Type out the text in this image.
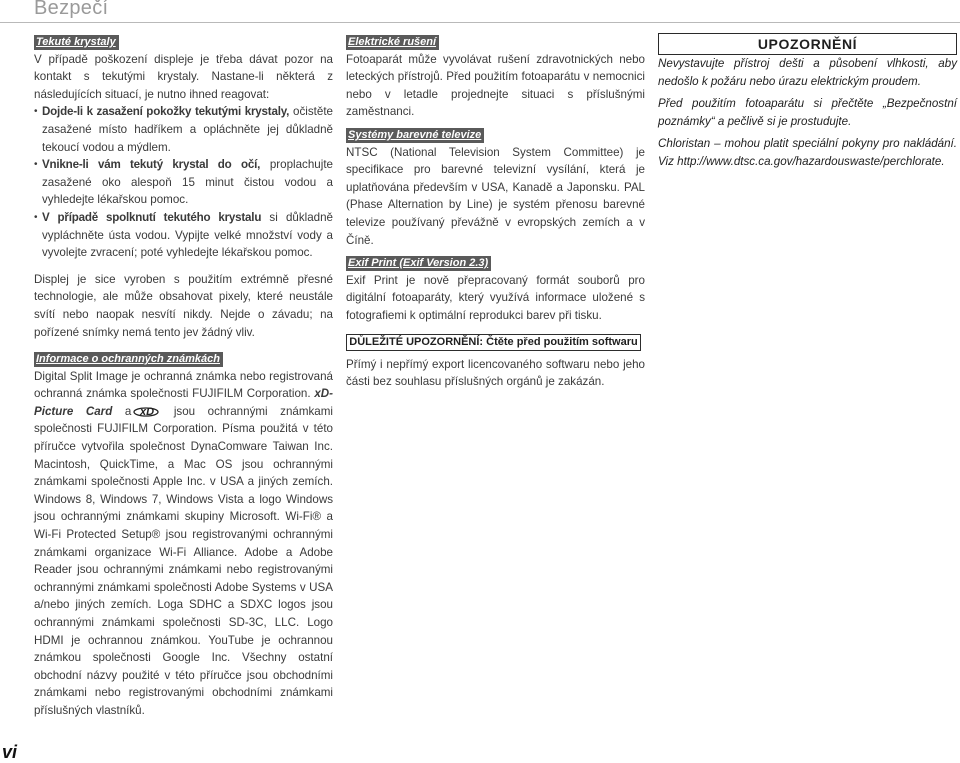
Bezpečí
Tekuté krystaly

V případě poškození displeje je třeba dávat pozor na kontakt s tekutými krystaly. Nastane-li některá z následujících situací, je nutno ihned reagovat:

• Dojde-li k zasažení pokožky tekutými krystaly, očistěte zasažené místo hadříkem a opláchněte jej důkladně tekoucí vodou a mýdlem.
• Vnikne-li vám tekutý krystal do očí, proplachujte zasažené oko alespoň 15 minut čistou vodou a vyhledejte lékařskou pomoc.
• V případě spolknutí tekutého krystalu si důkladně vypláchněte ústa vodou. Vypijte velké množství vody a vyvolejte zvracení; poté vyhledejte lékařskou pomoc.

Displej je sice vyroben s použitím extrémně přesné technologie, ale může obsahovat pixely, které neustále svítí nebo naopak nesvítí nikdy. Nejde o závadu; na pořízené snímky nemá tento jev žádný vliv.

Informace o ochranných známkách

Digital Split Image je ochranná známka nebo registrovaná ochranná známka společnosti FUJIFILM Corporation. xD-Picture Card a xD jsou ochrannými známkami společnosti FUJIFILM Corporation. Písma použitá v této příručce vytvořila společnost DynaComware Taiwan Inc. Macintosh, QuickTime, a Mac OS jsou ochrannými známkami společnosti Apple Inc. v USA a jiných zemích. Windows 8, Windows 7, Windows Vista a logo Windows jsou ochrannými známkami skupiny Microsoft. Wi-Fi® a Wi-Fi Protected Setup® jsou registrovanými ochrannými známkami organizace Wi-Fi Alliance. Adobe a Adobe Reader jsou ochrannými známkami nebo registrovanými ochrannými známkami společnosti Adobe Systems v USA a/nebo jiných zemích. Loga SDHC a SDXC logos jsou ochrannými známkami společnosti SD-3C, LLC. Logo HDMI je ochrannou známkou. YouTube je ochrannou známkou společnosti Google Inc. Všechny ostatní obchodní názvy použité v této příručce jsou obchodními známkami nebo registrovanými obchodními známkami příslušných vlastníků.

Elektrické rušení

Fotoaparát může vyvolávat rušení zdravotnických nebo leteckých přístrojů. Před použitím fotoaparátu v nemocnici nebo v letadle projednejte situaci s příslušnými zaměstnanci.

Systémy barevné televize

NTSC (National Television System Committee) je specifikace pro barevné televizní vysílání, která je uplatňována především v USA, Kanadě a Japonsku. PAL (Phase Alternation by Line) je systém přenosu barevné televize používaný převážně v evropských zemích a v Číně.

Exif Print (Exif Version 2.3)

Exif Print je nově přepracovaný formát souborů pro digitální fotoaparáty, který využívá informace uložené s fotografiemi k optimální reprodukci barev při tisku.

DŮLEŽITÉ UPOZORNĚNÍ: Čtěte před použitím softwaru

Přímý i nepřímý export licencovaného softwaru nebo jeho části bez souhlasu příslušných orgánů je zakázán.

UPOZORNĚNÍ

Nevystavujte přístroj dešti a působení vlhkosti, aby nedošlo k požáru nebo úrazu elektrickým proudem.

Před použitím fotoaparátu si přečtěte „Bezpečnostní poznámky“ a pečlivě si je prostudujte.

Chloristan – mohou platit speciální pokyny pro nakládání. Viz http://www.dtsc.ca.gov/hazardouswaste/perchlorate.

vi
